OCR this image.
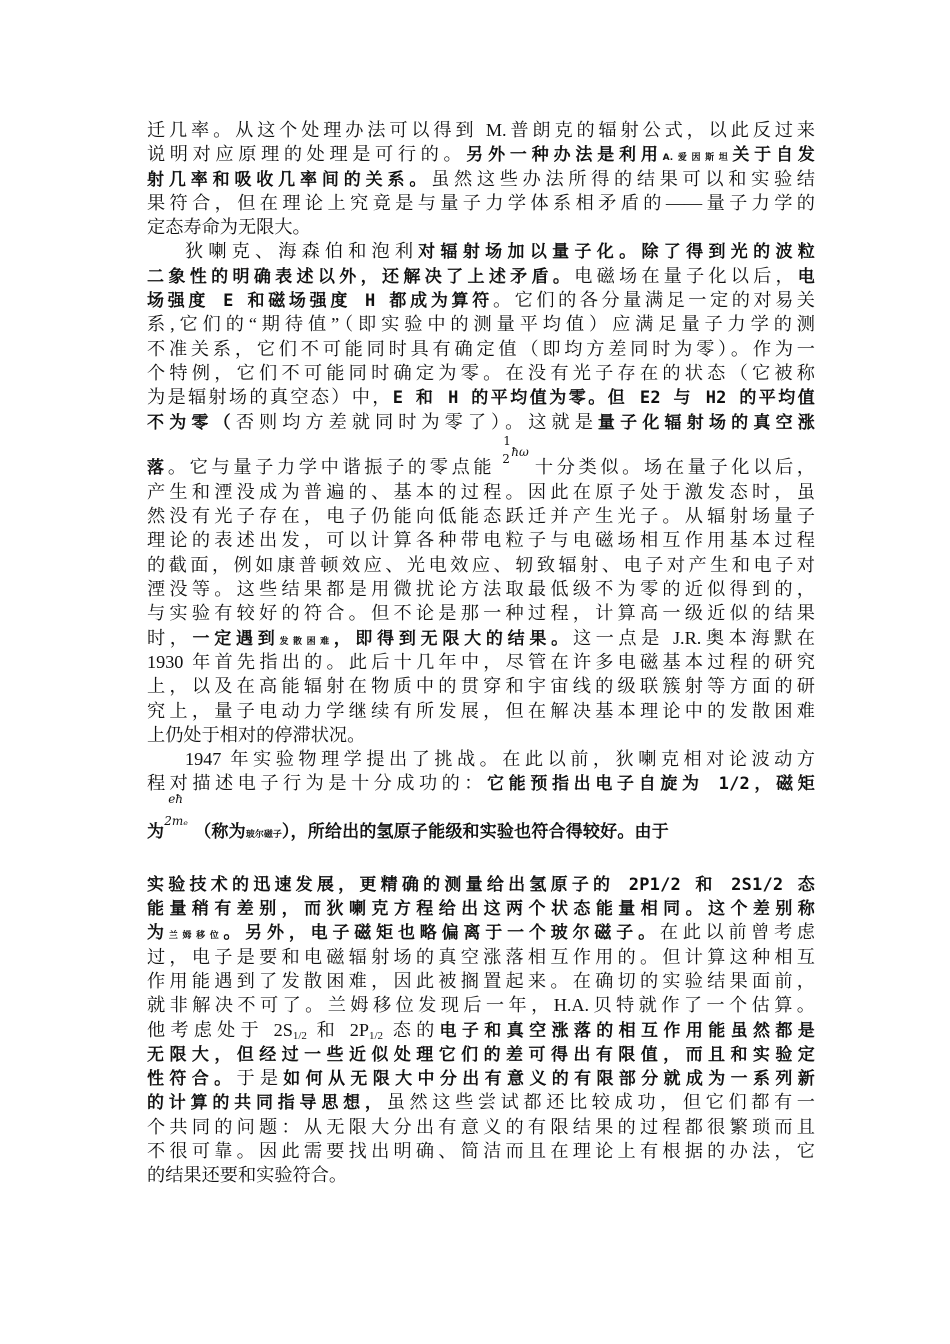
迁几率。从这个处理办法可以得到 M.普朗克的辐射公式，以此反过来
说明对应原理的处理是可行的。另外一种办法是利用A.爱因斯坦关于自发
射几率和吸收几率间的关系。虽然这些办法所得的结果可以和实验结
果符合，但在理论上究竟是与量子力学体系相矛盾的——量子力学的
定态寿命为无限大。
狄喇克、海森伯和泡利对辐射场加以量子化。除了得到光的波粒
二象性的明确表述以外，还解决了上述矛盾。电磁场在量子化以后，电
场强度 E 和磁场强度 H 都成为算符。它们的各分量满足一定的对易关
系,它们的“期待值”（即实验中的测量平均值）应满足量子力学的测
不准关系，它们不可能同时具有确定值（即均方差同时为零）。作为一
个特例，它们不可能同时确定为零。在没有光子存在的状态（它被称
为是辐射场的真空态）中，E 和 H 的平均值为零。但 E2 与 H2 的平均值
不为零（否则均方差就同时为零了）。这就是量子化辐射场的真空涨
落。它与量子力学中谐振子的零点能
1
2 ħω
十分类似。场在量子化以后，
产生和湮没成为普遍的、基本的过程。因此在原子处于激发态时，虽
然没有光子存在，电子仍能向低能态跃迁并产生光子。从辐射场量子
理论的表述出发，可以计算各种带电粒子与电磁场相互作用基本过程
的截面，例如康普顿效应、光电效应、轫致辐射、电子对产生和电子对
湮没等。这些结果都是用微扰论方法取最低级不为零的近似得到的，
与实验有较好的符合。但不论是那一种过程，计算高一级近似的结果
时，一定遇到发散困难，即得到无限大的结果。这一点是 J.R.奥本海默在
1930 年首先指出的。此后十几年中，尽管在许多电磁基本过程的研究
上，以及在高能辐射在物质中的贯穿和宇宙线的级联簇射等方面的研
究上，量子电动力学继续有所发展，但在解决基本理论中的发散困难
上仍处于相对的停滞状况。
1947 年实验物理学提出了挑战。在此以前，狄喇克相对论波动方
程对描述电子行为是十分成功的：它能预指出电子自旋为 1/2，磁矩
为
eħ
2mₑ
（称为玻尔磁子），所给出的氢原子能级和实验也符合得较好。由于
实验技术的迅速发展，更精确的测量给出氢原子的 2P1/2 和 2S1/2 态
能量稍有差别，而狄喇克方程给出这两个状态能量相同。这个差别称
为兰姆移位。另外，电子磁矩也略偏离于一个玻尔磁子。在此以前曾考虑
过，电子是要和电磁辐射场的真空涨落相互作用的。但计算这种相互
作用能遇到了发散困难，因此被搁置起来。在确切的实验结果面前，
就非解决不可了。兰姆移位发现后一年，H.A.贝特就作了一个估算。
他考虑处于 $2S_{1/2}$ 和 $2P_{1/2}$ 态的电子和真空涨落的相互作用能虽然都是
无限大，但经过一些近似处理它们的差可得出有限值，而且和实验定
性符合。于是如何从无限大中分出有意义的有限部分就成为一系列新
的计算的共同指导思想，虽然这些尝试都还比较成功，但它们都有一
个共同的问题：从无限大分出有意义的有限结果的过程都很繁琐而且
不很可靠。因此需要找出明确、简洁而且在理论上有根据的办法，它
的结果还要和实验符合。
